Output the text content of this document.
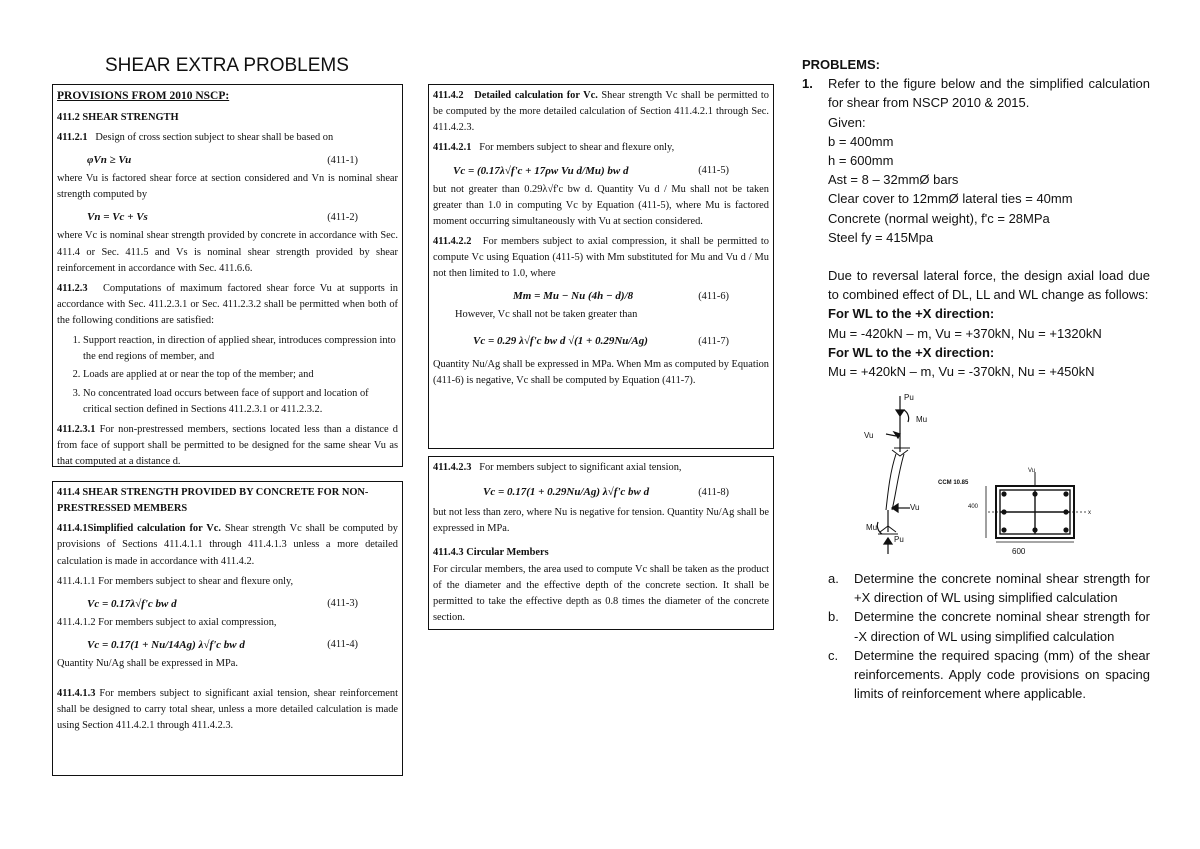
SHEAR EXTRA PROBLEMS

PROVISIONS FROM 2010 NSCP:

411.2 SHEAR STRENGTH

411.2.1 Design of cross section subject to shear shall be based on

φVn ≥ Vu	(411-1)

where Vu is factored shear force at section considered and Vn is nominal shear strength computed by

Vn = Vc + Vs	(411-2)

where Vc is nominal shear strength provided by concrete in accordance with Sec. 411.4 or Sec. 411.5 and Vs is nominal shear strength provided by shear reinforcement in accordance with Sec. 411.6.6.

411.2.3 Computations of maximum factored shear force Vu at supports in accordance with Sec. 411.2.3.1 or Sec. 411.2.3.2 shall be permitted when both of the following conditions are satisfied:

1. Support reaction, in direction of applied shear, introduces compression into the end regions of member, and
2. Loads are applied at or near the top of the member; and
3. No concentrated load occurs between face of support and location of critical section defined in Sections 411.2.3.1 or 411.2.3.2.

411.2.3.1 For non-prestressed members, sections located less than a distance d from face of support shall be permitted to be designed for the same shear Vu as that computed at a distance d.

411.4 SHEAR STRENGTH PROVIDED BY CONCRETE FOR NON-PRESTRESSED MEMBERS

411.4.1Simplified calculation for Vc. Shear strength Vc shall be computed by provisions of Sections 411.4.1.1 through 411.4.1.3 unless a more detailed calculation is made in accordance with 411.4.2.

411.4.1.1 For members subject to shear and flexure only,

Vc = 0.17λ√f'c bw d	(411-3)

411.4.1.2 For members subject to axial compression,

Vc = 0.17(1 + Nu/14Ag) λ√f'c bw d	(411-4)

Quantity Nu/Ag shall be expressed in MPa.

411.4.1.3 For members subject to significant axial tension, shear reinforcement shall be designed to carry total shear, unless a more detailed calculation is made using Section 411.4.2.1 through 411.4.2.3.

411.4.2 Detailed calculation for Vc. Shear strength Vc shall be permitted to be computed by the more detailed calculation of Section 411.4.2.1 through Sec. 411.4.2.3.

411.4.2.1 For members subject to shear and flexure only,

Vc = (0.17λ√f'c + 17ρw Vu d/Mu) bw d	(411-5)

but not greater than 0.29λ√f'c bw d. Quantity Vu d / Mu shall not be taken greater than 1.0 in computing Vc by Equation (411-5), where Mu is factored moment occurring simultaneously with Vu at section considered.

411.4.2.2 For members subject to axial compression, it shall be permitted to compute Vc using Equation (411-5) with Mm substituted for Mu and Vu d / Mu not then limited to 1.0, where

Mm = Mu − Nu (4h − d)/8	(411-6)

However, Vc shall not be taken greater than

Vc = 0.29 λ√f'c bw d √(1 + 0.29Nu/Ag)	(411-7)

Quantity Nu/Ag shall be expressed in MPa. When Mm as computed by Equation (411-6) is negative, Vc shall be computed by Equation (411-7).

411.4.2.3 For members subject to significant axial tension,

Vc = 0.17(1 + 0.29Nu/Ag) λ√f'c bw d	(411-8)

but not less than zero, where Nu is negative for tension. Quantity Nu/Ag shall be expressed in MPa.

411.4.3 Circular Members

For circular members, the area used to compute Vc shall be taken as the product of the diameter and the effective depth of the concrete section. It shall be permitted to take the effective depth as 0.8 times the diameter of the concrete section.

PROBLEMS:

1.	Refer to the figure below and the simplified calculation for shear from NSCP 2010 & 2015.

Given:

b = 400mm

h = 600mm

Ast = 8 – 32mmØ bars

Clear cover to 12mmØ lateral ties = 40mm

Concrete (normal weight), f'c = 28MPa

Steel fy = 415Mpa

Due to reversal lateral force, the design axial load due to combined effect of DL, LL and WL change as follows:

For WL to the +X direction:

Mu = -420kN – m, Vu = +370kN, Nu = +1320kN

For WL to the +X direction:

Mu = +420kN – m, Vu = -370kN, Nu = +450kN

Pu
Mu
Vu
Vu
Mu
Pu
CCM 10.85
400
600
Vu
x
a.	Determine the concrete nominal shear strength for +X direction of WL using simplified calculation
b.	Determine the concrete nominal shear strength for -X direction of WL using simplified calculation
c.	Determine the required spacing (mm) of the shear reinforcements. Apply code provisions on spacing limits of reinforcement where applicable.
